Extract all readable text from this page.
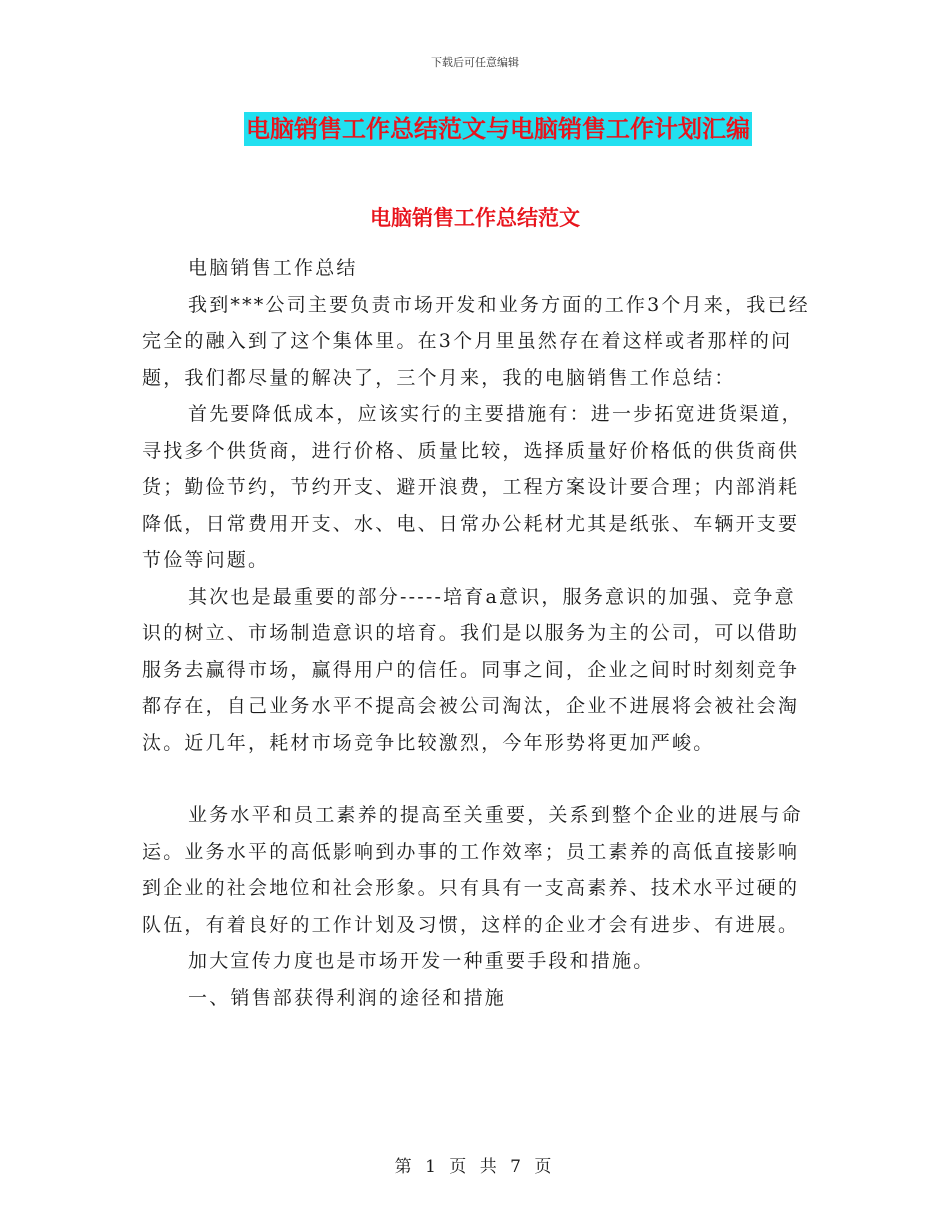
下载后可任意编辑
电脑销售工作总结范文与电脑销售工作计划汇编
电脑销售工作总结范文

电脑销售工作总结

我到***公司主要负责市场开发和业务方面的工作3个月来，我已经完全的融入到了这个集体里。在3个月里虽然存在着这样或者那样的问题，我们都尽量的解决了，三个月来，我的电脑销售工作总结：

首先要降低成本，应该实行的主要措施有：进一步拓宽进货渠道，寻找多个供货商，进行价格、质量比较，选择质量好价格低的供货商供货；勤俭节约，节约开支、避开浪费，工程方案设计要合理；内部消耗降低，日常费用开支、水、电、日常办公耗材尤其是纸张、车辆开支要节俭等问题。

其次也是最重要的部分-----培育a意识，服务意识的加强、竞争意识的树立、市场制造意识的培育。我们是以服务为主的公司，可以借助服务去赢得市场，赢得用户的信任。同事之间，企业之间时时刻刻竞争都存在，自己业务水平不提高会被公司淘汰，企业不进展将会被社会淘汰。近几年，耗材市场竞争比较激烈，今年形势将更加严峻。

业务水平和员工素养的提高至关重要，关系到整个企业的进展与命运。业务水平的高低影响到办事的工作效率；员工素养的高低直接影响到企业的社会地位和社会形象。只有具有一支高素养、技术水平过硬的队伍，有着良好的工作计划及习惯，这样的企业才会有进步、有进展。

加大宣传力度也是市场开发一种重要手段和措施。

一、销售部获得利润的途径和措施

第 1 页 共 7 页
